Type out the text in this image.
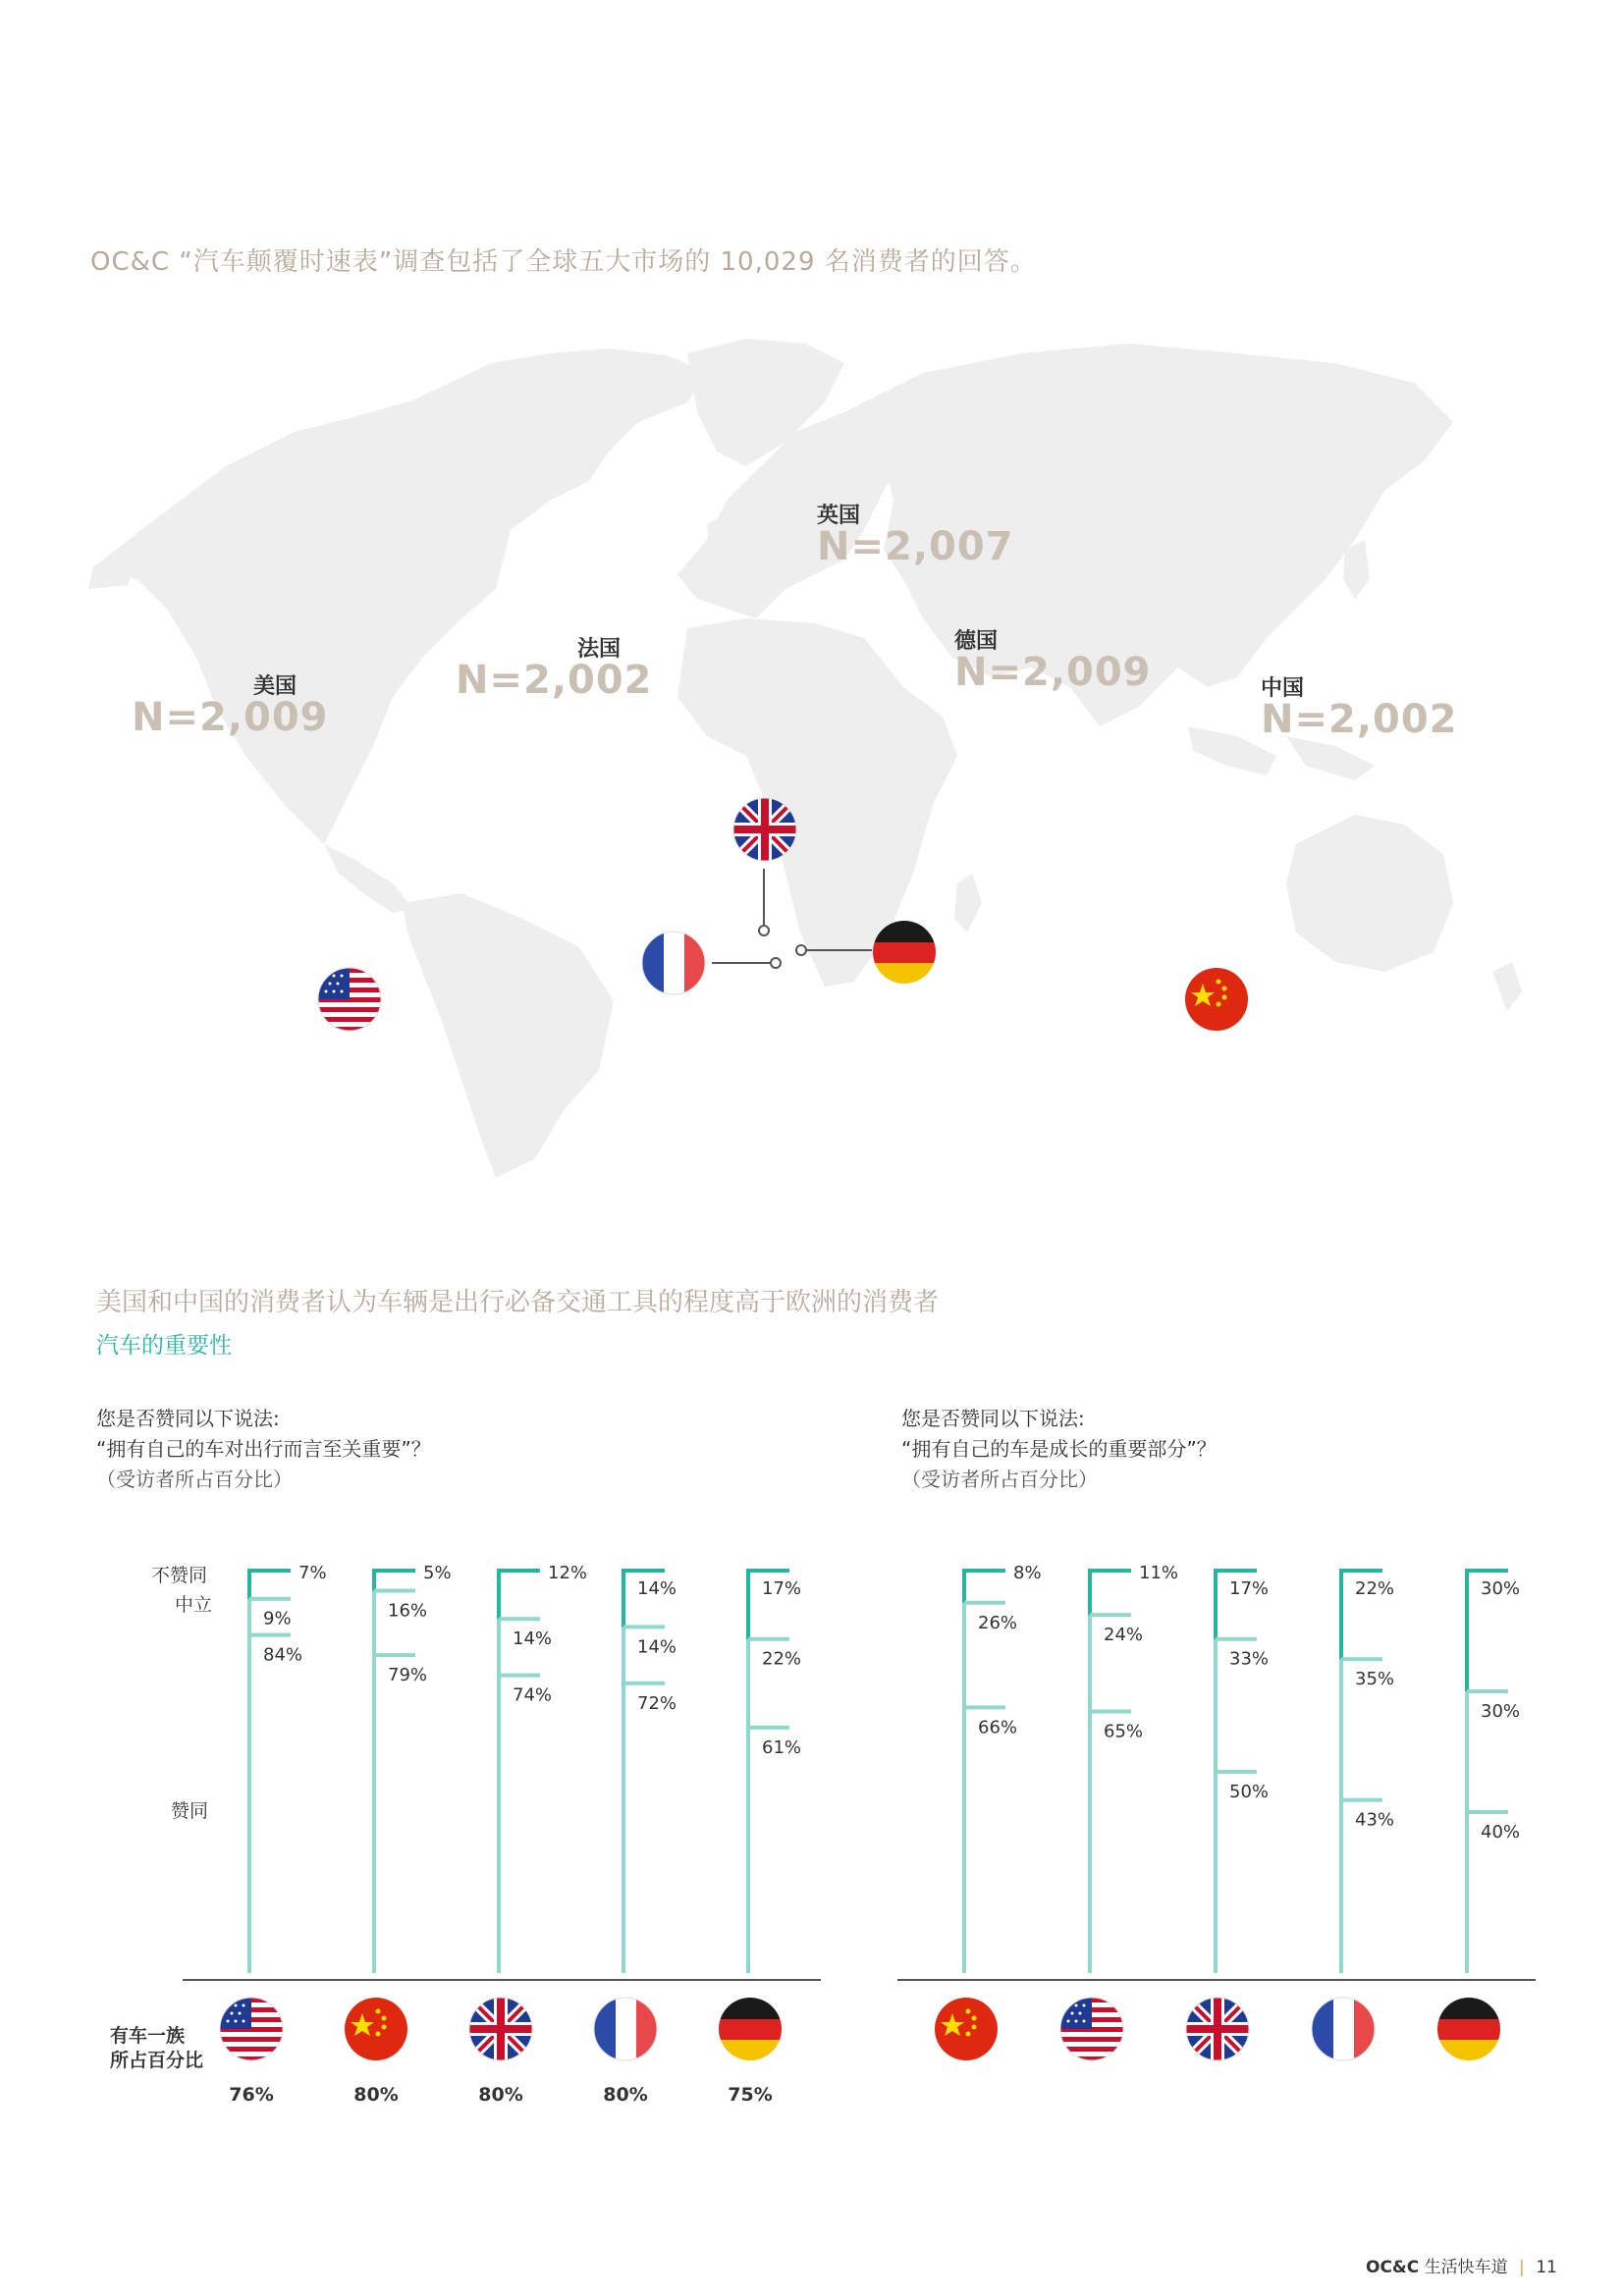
OC&C “汽车颠覆时速表”调查包括了全球五大市场的 10,029 名消费者的回答。
美国
N=2,009
法国
N=2,002
英国
N=2,007
德国
N=2,009	中国
N=2,002
美国和中国的消费者认为车辆是出行必备交通工具的程度高于欧洲的消费者
汽车的重要性
您是否赞同以下说法:
“拥有自己的车对出行而言至关重要”？
（受访者所占百分比）
您是否赞同以下说法:
“拥有自己的车是成长的重要部分”？
（受访者所占百分比）
不赞同
中立
赞同
7%
9%
84%
76%
5%
16%
79%
80%
12%
14%
74%
80%
14%
14%
72%
80%
17%
22%
61%
75%
8%
26%
66%
11%
24%
65%
17%
33%
50%
22%
35%
43%
30%
30%
40%
有车一族
所占百分比
OC&C 生活快车道 | 11
